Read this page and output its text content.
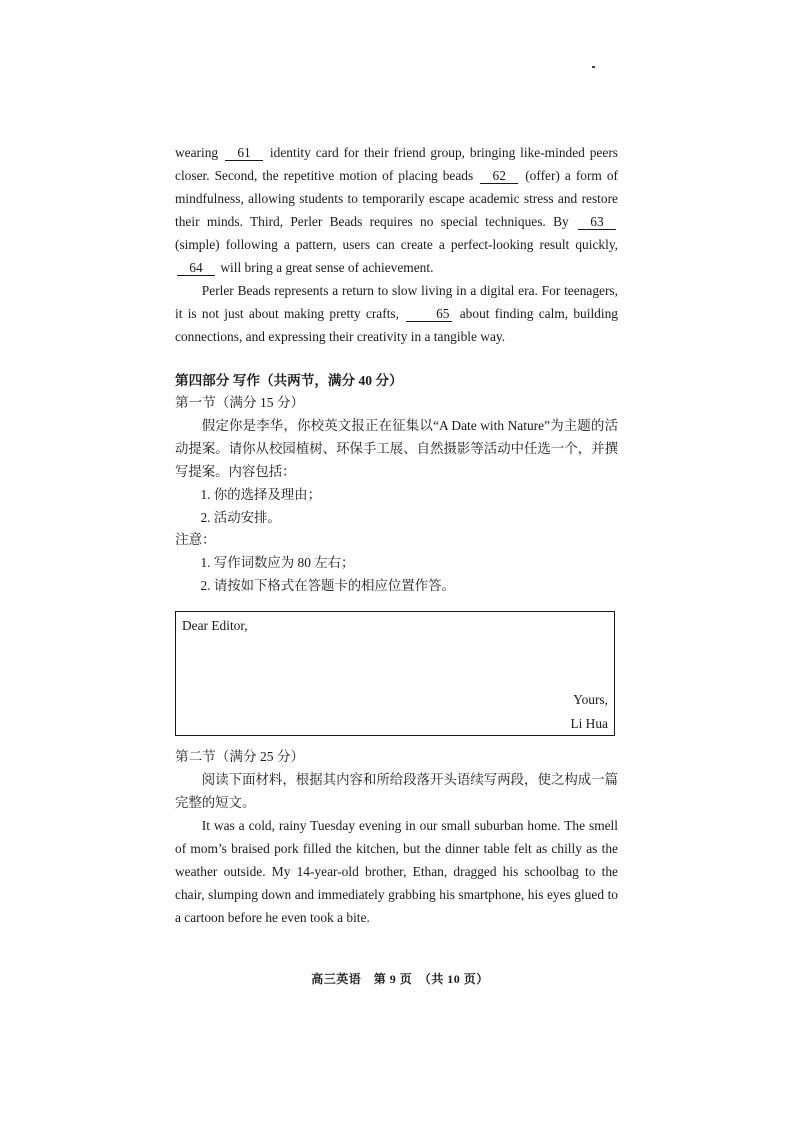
wearing 61 identity card for their friend group, bringing like-minded peers closer. Second, the repetitive motion of placing beads 62 (offer) a form of mindfulness, allowing students to temporarily escape academic stress and restore their minds. Third, Perler Beads requires no special techniques. By 63 (simple) following a pattern, users can create a perfect-looking result quickly, 64 will bring a great sense of achievement.

Perler Beads represents a return to slow living in a digital era. For teenagers, it is not just about making pretty crafts,	65 about finding calm, building connections, and expressing their creativity in a tangible way.

第四部分 写作（共两节，满分 40 分）
第一节（满分 15 分）

假定你是李华，你校英文报正在征集以“A Date with Nature”为主题的活动提案。请你从校园植树、环保手工展、自然摄影等活动中任选一个，并撰写提案。内容包括：

1. 你的选择及理由；
2. 活动安排。
注意：
1. 写作词数应为 80 左右；
2. 请按如下格式在答题卡的相应位置作答。
Dear Editor,
Yours,
Li Hua
第二节（满分 25 分）

阅读下面材料，根据其内容和所给段落开头语续写两段，使之构成一篇完整的短文。

It was a cold, rainy Tuesday evening in our small suburban home. The smell of mom’s braised pork filled the kitchen, but the dinner table felt as chilly as the weather outside. My 14-year-old brother, Ethan, dragged his schoolbag to the chair, slumping down and immediately grabbing his smartphone, his eyes glued to a cartoon before he even took a bite.

高三英语　第 9 页　（共 10 页）
